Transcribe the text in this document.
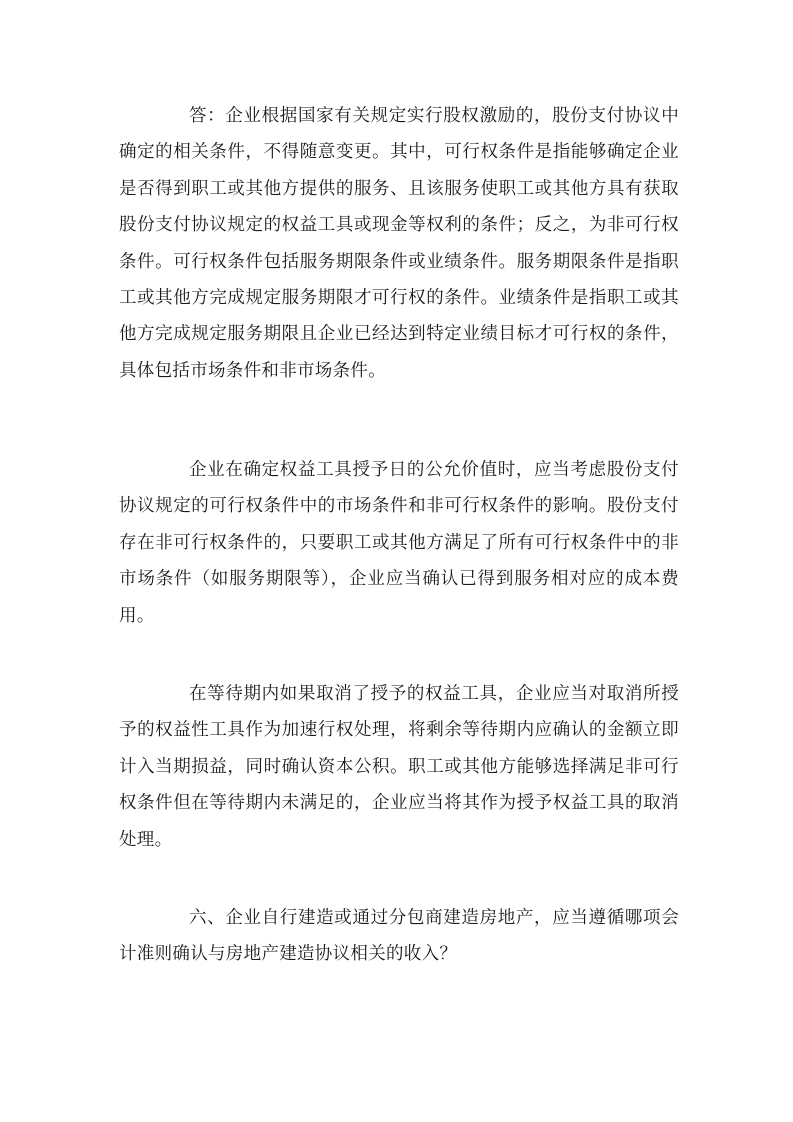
答：企业根据国家有关规定实行股权激励的，股份支付协议中确定的相关条件，不得随意变更。其中，可行权条件是指能够确定企业是否得到职工或其他方提供的服务、且该服务使职工或其他方具有获取股份支付协议规定的权益工具或现金等权利的条件；反之，为非可行权条件。可行权条件包括服务期限条件或业绩条件。服务期限条件是指职工或其他方完成规定服务期限才可行权的条件。业绩条件是指职工或其他方完成规定服务期限且企业已经达到特定业绩目标才可行权的条件，具体包括市场条件和非市场条件。

企业在确定权益工具授予日的公允价值时，应当考虑股份支付协议规定的可行权条件中的市场条件和非可行权条件的影响。股份支付存在非可行权条件的，只要职工或其他方满足了所有可行权条件中的非市场条件（如服务期限等），企业应当确认已得到服务相对应的成本费用。

在等待期内如果取消了授予的权益工具，企业应当对取消所授予的权益性工具作为加速行权处理，将剩余等待期内应确认的金额立即计入当期损益，同时确认资本公积。职工或其他方能够选择满足非可行权条件但在等待期内未满足的，企业应当将其作为授予权益工具的取消处理。

六、企业自行建造或通过分包商建造房地产，应当遵循哪项会计准则确认与房地产建造协议相关的收入？
